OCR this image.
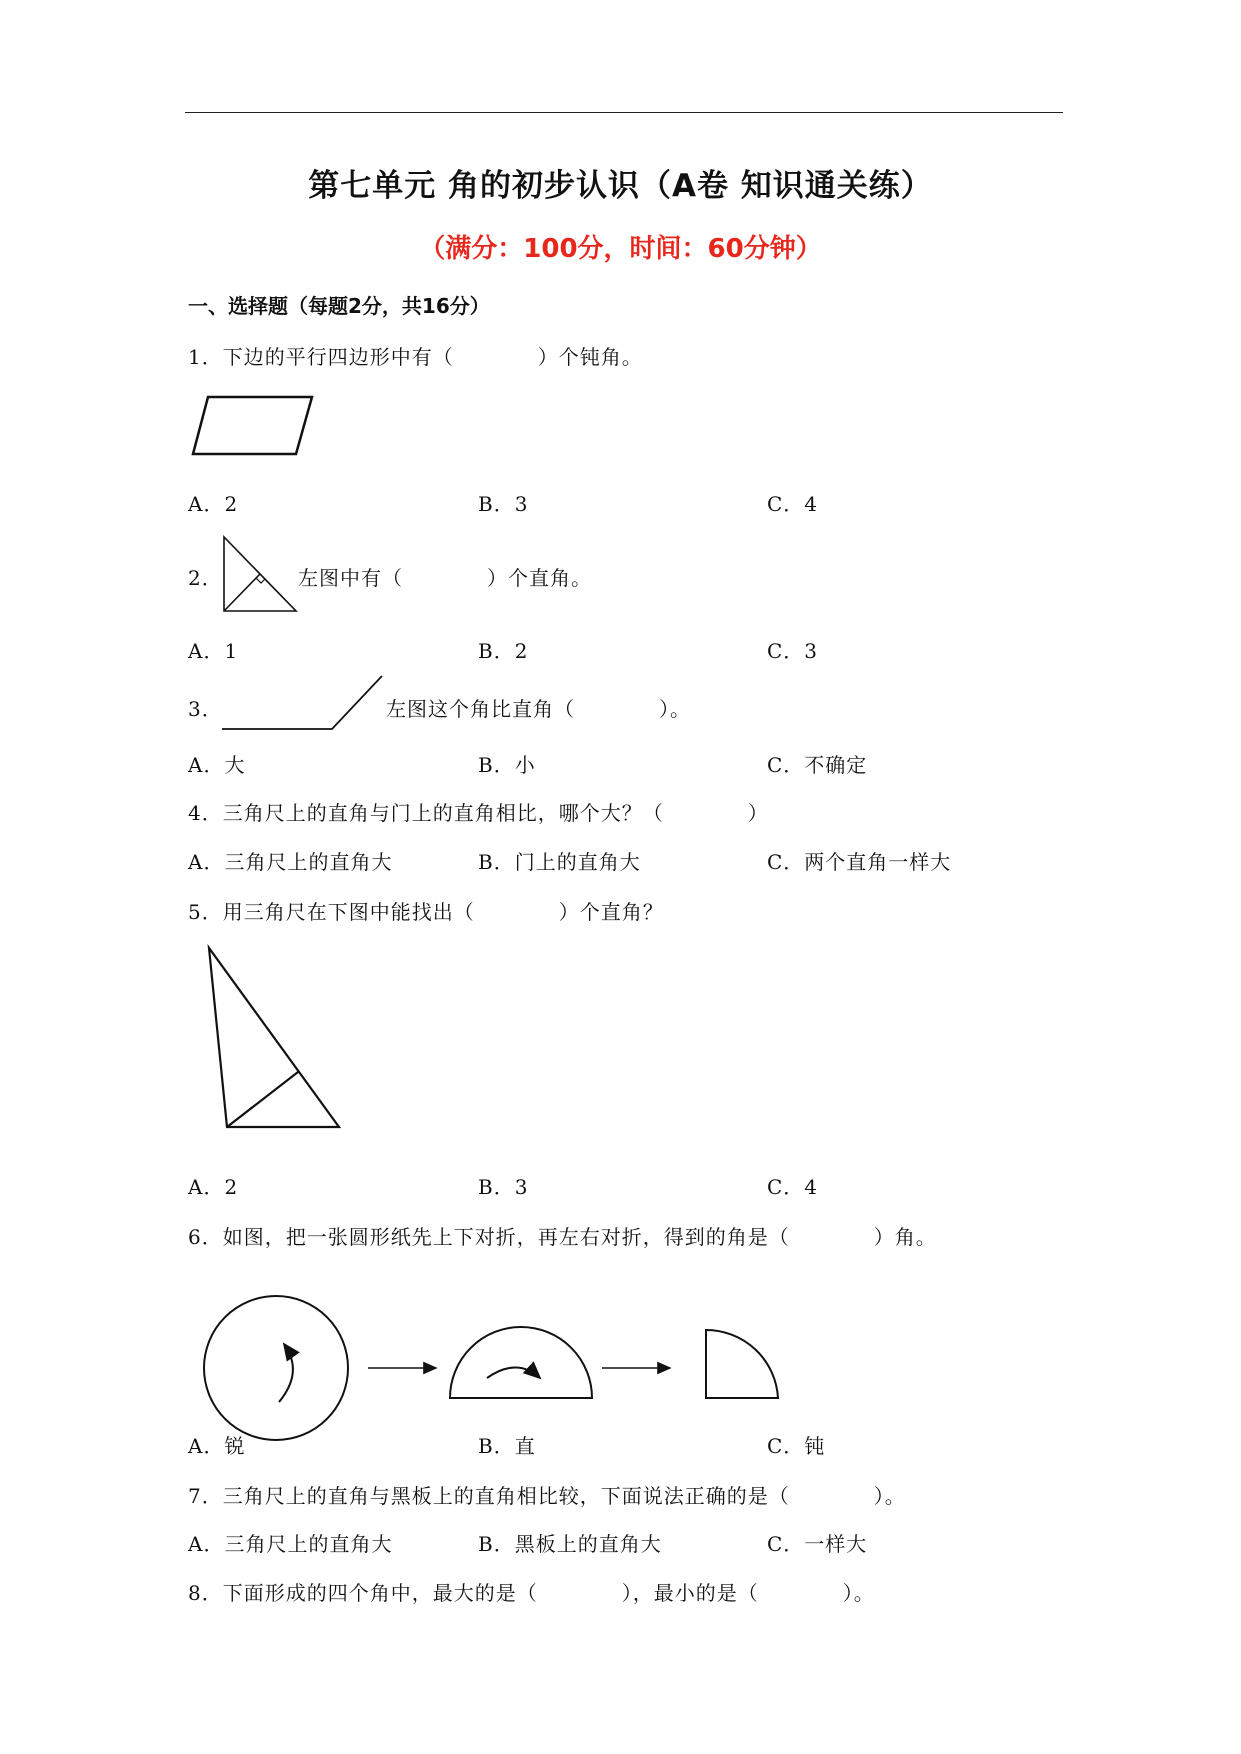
第七单元 角的初步认识（A卷 知识通关练）
（满分：100分，时间：60分钟）
一、选择题（每题2分，共16分）
1．下边的平行四边形中有（　　　　）个钝角。
A．2	B．3	C．4
2．	左图中有（　　　　）个直角。
A．1	B．2	C．3
3．	左图这个角比直角（　　　　）。
A．大	B．小	C．不确定
4．三角尺上的直角与门上的直角相比，哪个大？（　　　　）
A．三角尺上的直角大	B．门上的直角大	C．两个直角一样大
5．用三角尺在下图中能找出（　　　　）个直角？
A．2	B．3	C．4
6．如图，把一张圆形纸先上下对折，再左右对折，得到的角是（　　　　）角。
A．锐	B．直	C．钝
7．三角尺上的直角与黑板上的直角相比较，下面说法正确的是（　　　　）。
A．三角尺上的直角大	B．黑板上的直角大	C．一样大
8．下面形成的四个角中，最大的是（　　　　），最小的是（　　　　）。
